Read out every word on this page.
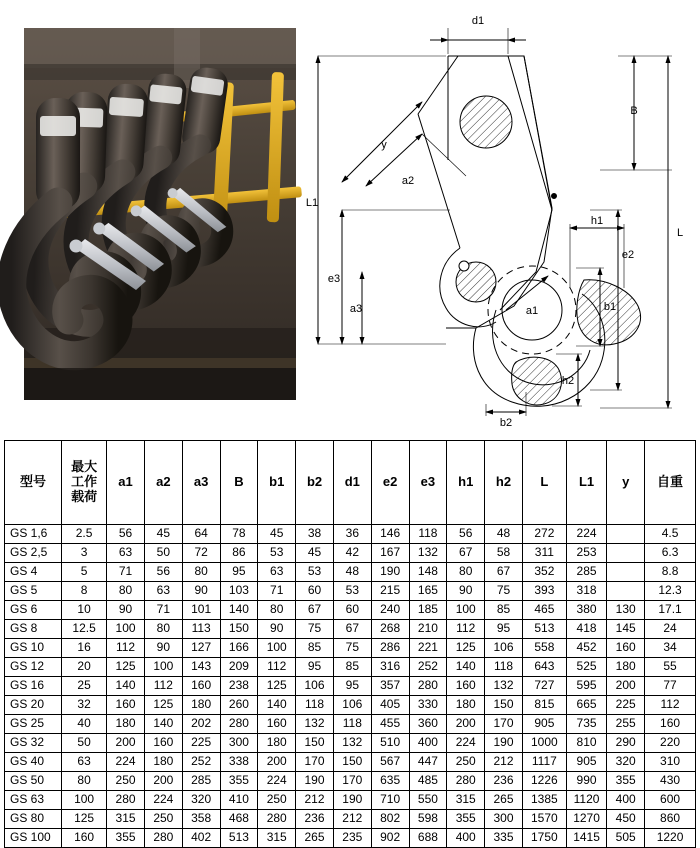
d1
B
L
e2
L1
e3
a3
y
a2
a1
h1
b1
h2
b2
型号	最大
工作
载荷	a1	a2	a3	B	b1	b2	d1	e2	e3	h1	h2	L	L1	y	自重
GS 1,6	2.5	56	45	64	78	45	38	36	146	118	56	48	272	224		4.5
GS 2,5	3	63	50	72	86	53	45	42	167	132	67	58	311	253		6.3
GS 4	5	71	56	80	95	63	53	48	190	148	80	67	352	285		8.8
GS 5	8	80	63	90	103	71	60	53	215	165	90	75	393	318		12.3
GS 6	10	90	71	101	140	80	67	60	240	185	100	85	465	380	130	17.1
GS 8	12.5	100	80	113	150	90	75	67	268	210	112	95	513	418	145	24
GS 10	16	112	90	127	166	100	85	75	286	221	125	106	558	452	160	34
GS 12	20	125	100	143	209	112	95	85	316	252	140	118	643	525	180	55
GS 16	25	140	112	160	238	125	106	95	357	280	160	132	727	595	200	77
GS 20	32	160	125	180	260	140	118	106	405	330	180	150	815	665	225	112
GS 25	40	180	140	202	280	160	132	118	455	360	200	170	905	735	255	160
GS 32	50	200	160	225	300	180	150	132	510	400	224	190	1000	810	290	220
GS 40	63	224	180	252	338	200	170	150	567	447	250	212	1117	905	320	310
GS 50	80	250	200	285	355	224	190	170	635	485	280	236	1226	990	355	430
GS 63	100	280	224	320	410	250	212	190	710	550	315	265	1385	1120	400	600
GS 80	125	315	250	358	468	280	236	212	802	598	355	300	1570	1270	450	860
GS 100	160	355	280	402	513	315	265	235	902	688	400	335	1750	1415	505	1220
